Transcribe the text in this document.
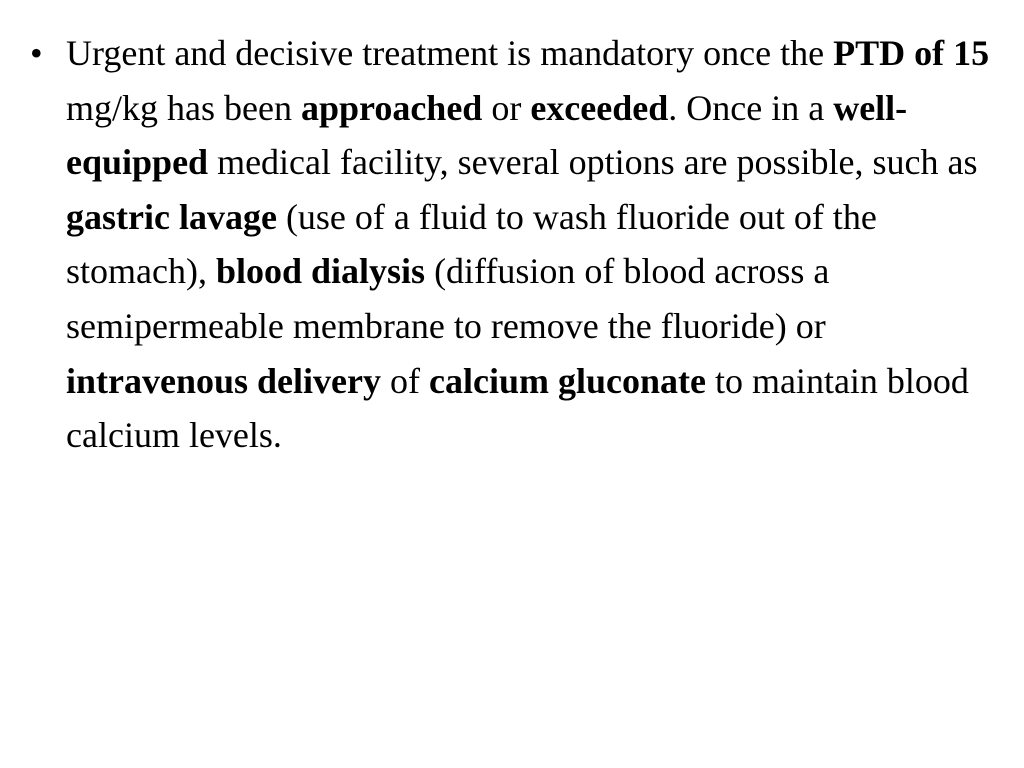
• Urgent and decisive treatment is mandatory once the PTD of 15 mg/kg has been approached or exceeded. Once in a well-equipped medical facility, several options are possible, such as gastric lavage (use of a fluid to wash fluoride out of the stomach), blood dialysis (diffusion of blood across a semipermeable membrane to remove the fluoride) or intravenous delivery of calcium gluconate to maintain blood calcium levels.
